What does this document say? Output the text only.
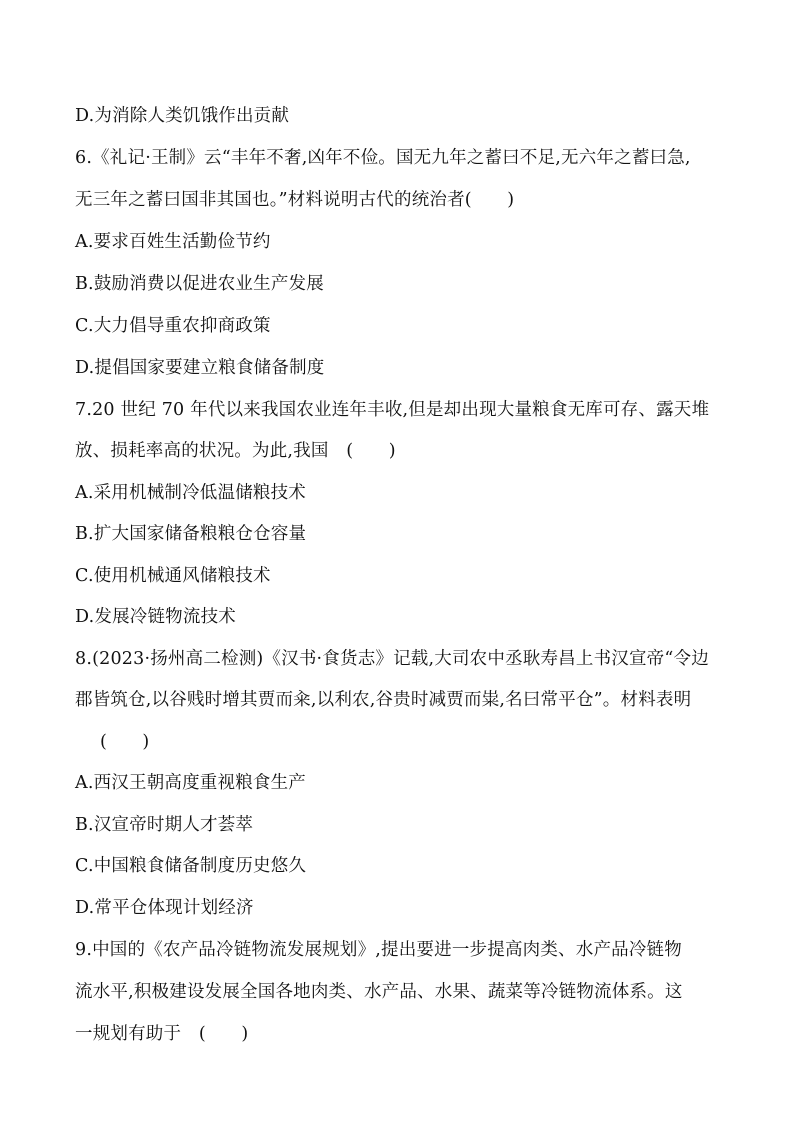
D.为消除人类饥饿作出贡献
6.《礼记·王制》云“丰年不奢,凶年不俭。国无九年之蓄曰不足,无六年之蓄曰急,
无三年之蓄曰国非其国也。”材料说明古代的统治者(　　)
A.要求百姓生活勤俭节约
B.鼓励消费以促进农业生产发展
C.大力倡导重农抑商政策
D.提倡国家要建立粮食储备制度
7.20 世纪 70 年代以来我国农业连年丰收,但是却出现大量粮食无库可存、露天堆
放、损耗率高的状况。为此,我国　(　　)
A.采用机械制冷低温储粮技术
B.扩大国家储备粮粮仓仓容量
C.使用机械通风储粮技术
D.发展冷链物流技术
8.(2023·扬州高二检测)《汉书·食货志》记载,大司农中丞耿寿昌上书汉宣帝“令边
郡皆筑仓,以谷贱时增其贾而籴,以利农,谷贵时减贾而粜,名曰常平仓”。材料表明
(　　)
A.西汉王朝高度重视粮食生产
B.汉宣帝时期人才荟萃
C.中国粮食储备制度历史悠久
D.常平仓体现计划经济
9.中国的《农产品冷链物流发展规划》,提出要进一步提高肉类、水产品冷链物
流水平,积极建设发展全国各地肉类、水产品、水果、蔬菜等冷链物流体系。这
一规划有助于　(　　)
